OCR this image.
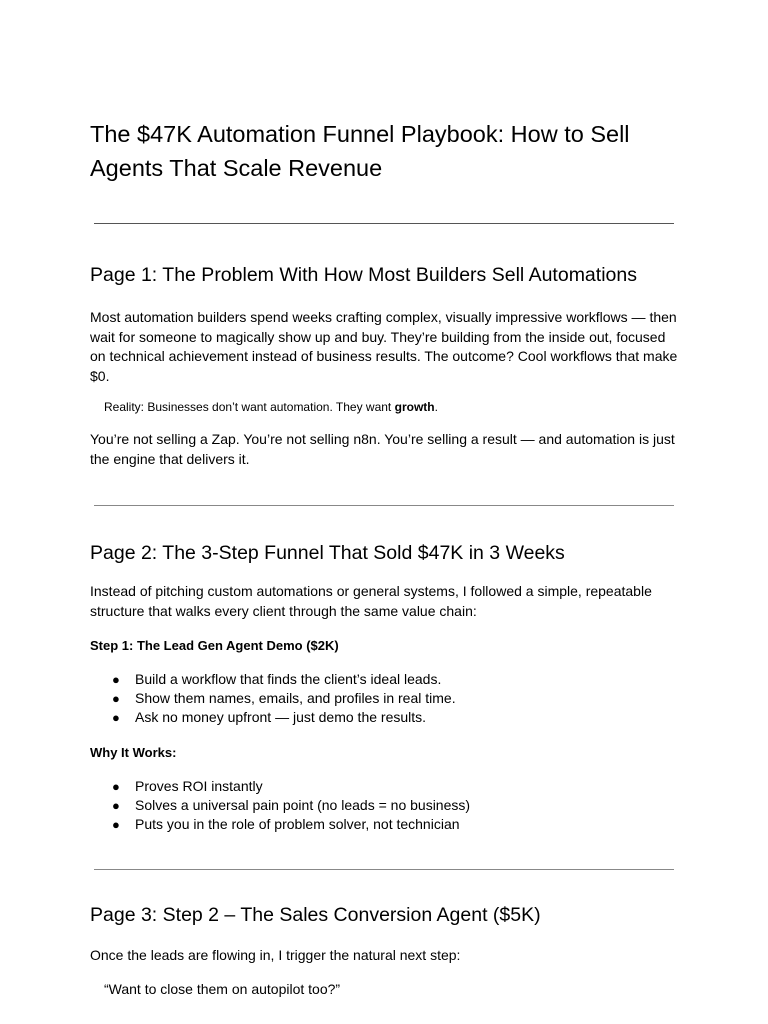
The $47K Automation Funnel Playbook: How to Sell Agents That Scale Revenue
Page 1: The Problem With How Most Builders Sell Automations

Most automation builders spend weeks crafting complex, visually impressive workflows — then wait for someone to magically show up and buy. They’re building from the inside out, focused on technical achievement instead of business results. The outcome? Cool workflows that make $0.

Reality: Businesses don’t want automation. They want growth.

You’re not selling a Zap. You’re not selling n8n. You’re selling a result — and automation is just the engine that delivers it.

Page 2: The 3-Step Funnel That Sold $47K in 3 Weeks

Instead of pitching custom automations or general systems, I followed a simple, repeatable structure that walks every client through the same value chain:

Step 1: The Lead Gen Agent Demo ($2K)

● Build a workflow that finds the client’s ideal leads.
● Show them names, emails, and profiles in real time.
● Ask no money upfront — just demo the results.

Why It Works:

● Proves ROI instantly
● Solves a universal pain point (no leads = no business)
● Puts you in the role of problem solver, not technician
Page 3: Step 2 – The Sales Conversion Agent ($5K)

Once the leads are flowing in, I trigger the natural next step:

“Want to close them on autopilot too?”
